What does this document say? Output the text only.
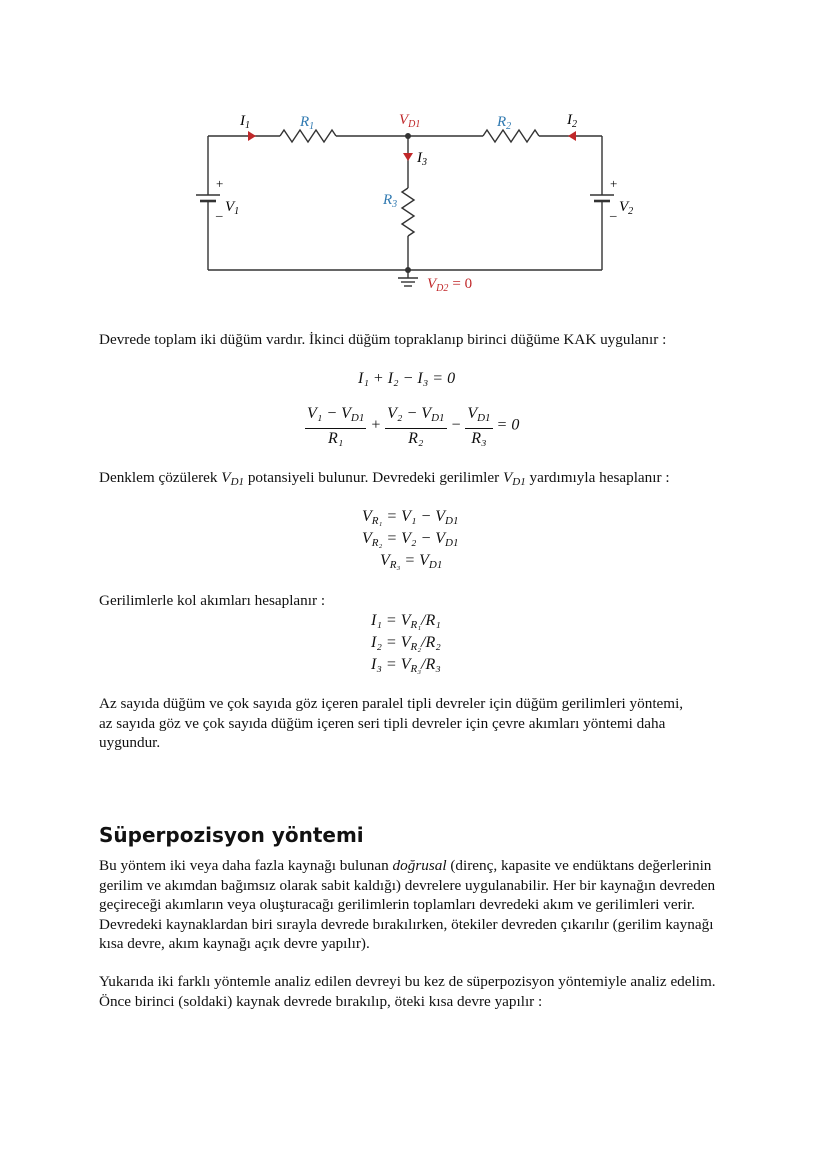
$I_1$	$R_1$	$V_{D1}$	$R_2$	$I_2$
$I_3$
$R_3$
$V_1$	$V_2$
$V_{D2} = 0$
+
_
+
_
Devrede toplam iki düğüm vardır. İkinci düğüm topraklanıp birinci düğüme KAK uygulanır :
I₁ + I₂ − I₃ = 0
$\frac{V_1 - V_{D1}}{\text{R₁}} + \frac{V_2 - V_{D1}}{\text{R₂}} - \frac{V_{D1}}{\text{R₃}} = 0$
Denklem çözülerek $V_{D1}$ potansiyeli bulunur. Devredeki gerilimler $V_{D1}$ yardımıyla hesaplanır :
$V_{R_1} = V_1 - V_{D1}$
$V_{R_2} = V_2 - V_{D1}$
$V_{R_3} = V_{D1}$
Gerilimlerle kol akımları hesaplanır :
$I_1 = V_{R_1}/R_1$
$I_2 = V_{R_2}/R_2$
$I_3 = V_{R_3}/R_3$
Az sayıda düğüm ve çok sayıda göz içeren paralel tipli devreler için düğüm gerilimleri yöntemi, az sayıda göz ve çok sayıda düğüm içeren seri tipli devreler için çevre akımları yöntemi daha uygundur.
Süperpozisyon yöntemi
Bu yöntem iki veya daha fazla kaynağı bulunan doğrusal (direnç, kapasite ve endüktans değerlerinin gerilim ve akımdan bağımsız olarak sabit kaldığı) devrelere uygulanabilir. Her bir kaynağın devreden geçireceği akımların veya oluşturacağı gerilimlerin toplamları devredeki akım ve gerilimleri verir. Devredeki kaynaklardan biri sırayla devrede bırakılırken, ötekiler devreden çıkarılır (gerilim kaynağı kısa devre, akım kaynağı açık devre yapılır).
Yukarıda iki farklı yöntemle analiz edilen devreyi bu kez de süperpozisyon yöntemiyle analiz edelim. Önce birinci (soldaki) kaynak devrede bırakılıp, öteki kısa devre yapılır :
